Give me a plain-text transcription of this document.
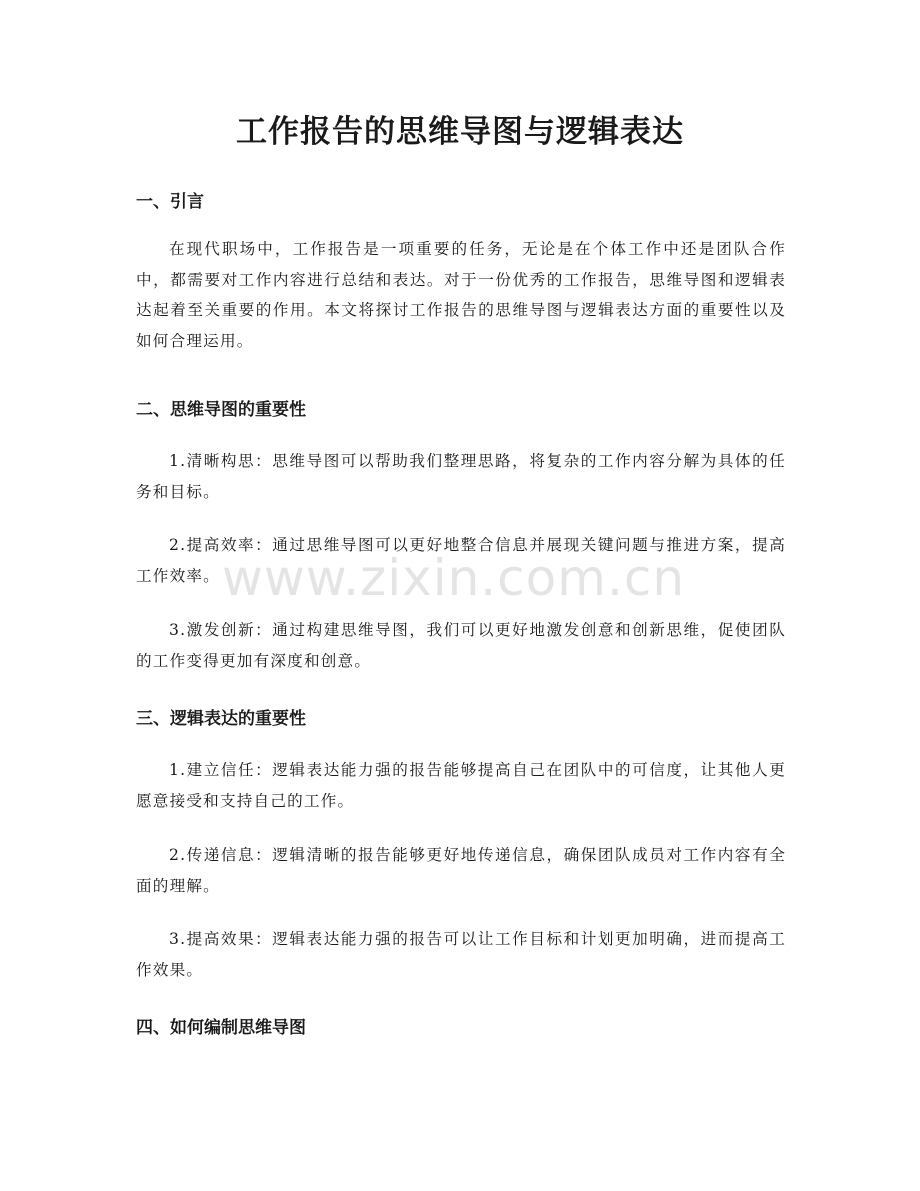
工作报告的思维导图与逻辑表达
一、引言

在现代职场中，工作报告是一项重要的任务，无论是在个体工作中还是团队合作中，都需要对工作内容进行总结和表达。对于一份优秀的工作报告，思维导图和逻辑表达起着至关重要的作用。本文将探讨工作报告的思维导图与逻辑表达方面的重要性以及如何合理运用。

二、思维导图的重要性

1.清晰构思：思维导图可以帮助我们整理思路，将复杂的工作内容分解为具体的任务和目标。

2.提高效率：通过思维导图可以更好地整合信息并展现关键问题与推进方案，提高工作效率。

3.激发创新：通过构建思维导图，我们可以更好地激发创意和创新思维，促使团队的工作变得更加有深度和创意。

三、逻辑表达的重要性

1.建立信任：逻辑表达能力强的报告能够提高自己在团队中的可信度，让其他人更愿意接受和支持自己的工作。

2.传递信息：逻辑清晰的报告能够更好地传递信息，确保团队成员对工作内容有全面的理解。

3.提高效果：逻辑表达能力强的报告可以让工作目标和计划更加明确，进而提高工作效果。

四、如何编制思维导图
www.zixin.com.cn
